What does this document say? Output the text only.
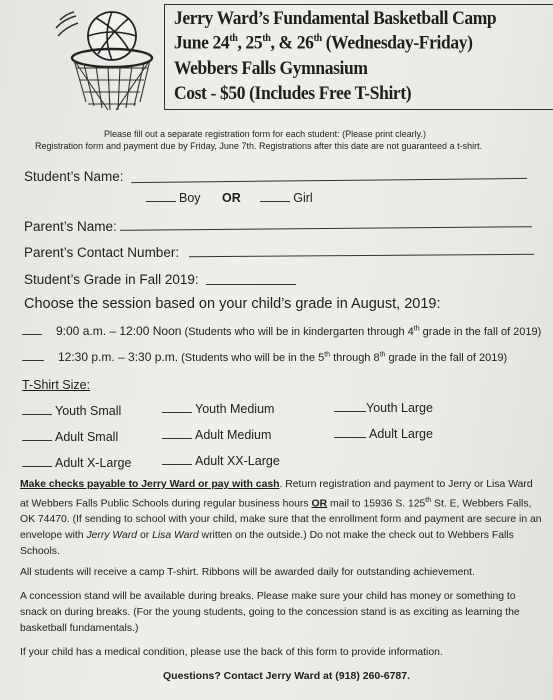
Jerry Ward’s Fundamental Basketball Camp
June 24th, 25th, & 26th (Wednesday-Friday)
Webbers Falls Gymnasium
Cost - $50 (Includes Free T-Shirt)
Please fill out a separate registration form for each student: (Please print clearly.)
Registration form and payment due by Friday, June 7th. Registrations after this date are not guaranteed a t-shirt.
Student’s Name:
Boy OR	Girl
Parent’s Name:
Parent’s Contact Number:
Student’s Grade in Fall 2019:
Choose the session based on your child’s grade in August, 2019:
9:00 a.m. – 12:00 Noon (Students who will be in kindergarten through 4th grade in the fall of 2019)
12:30 p.m. – 3:30 p.m. (Students who will be in the 5th through 8th grade in the fall of 2019)
T-Shirt Size:
Youth Small	Youth Medium	Youth Large
Adult Small	Adult Medium	Adult Large
Adult X-Large	Adult XX-Large
Make checks payable to Jerry Ward or pay with cash. Return registration and payment to Jerry or Lisa Ward at Webbers Falls Public Schools during regular business hours OR mail to 15936 S. 125th St. E, Webbers Falls, OK 74470. (If sending to school with your child, make sure that the enrollment form and payment are secure in an envelope with Jerry Ward or Lisa Ward written on the outside.) Do not make the check out to Webbers Falls Schools.
All students will receive a camp T-shirt. Ribbons will be awarded daily for outstanding achievement.
A concession stand will be available during breaks. Please make sure your child has money or something to snack on during breaks. (For the young students, going to the concession stand is as exciting as learning the basketball fundamentals.)
If your child has a medical condition, please use the back of this form to provide information.
Questions? Contact Jerry Ward at (918) 260-6787.
